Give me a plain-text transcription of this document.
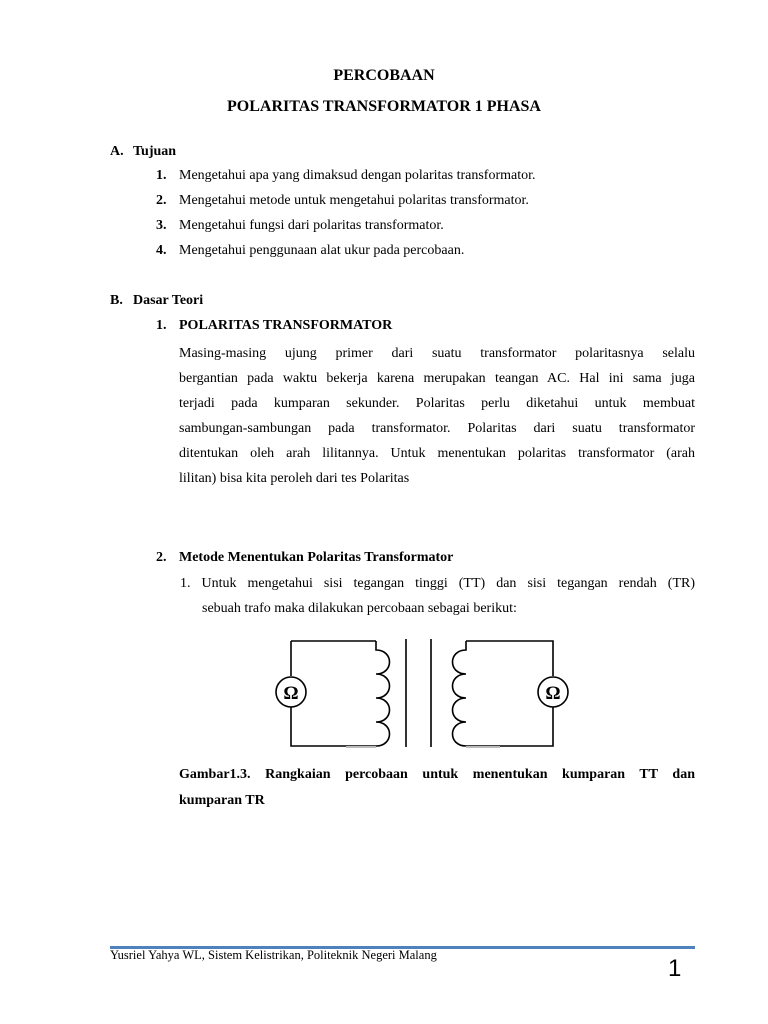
PERCOBAAN
POLARITAS TRANSFORMATOR 1 PHASA
A. Tujuan
1. Mengetahui apa yang dimaksud dengan polaritas transformator.
2. Mengetahui metode untuk mengetahui polaritas transformator.
3. Mengetahui fungsi dari polaritas transformator.
4. Mengetahui penggunaan alat ukur pada percobaan.
B. Dasar Teori
1. POLARITAS TRANSFORMATOR
Masing-masing ujung primer dari suatu transformator polaritasnya selalu
bergantian pada waktu bekerja karena merupakan teangan AC. Hal ini sama juga
terjadi pada kumparan sekunder. Polaritas perlu diketahui untuk membuat
sambungan-sambungan pada transformator. Polaritas dari suatu transformator
ditentukan oleh arah lilitannya. Untuk menentukan polaritas transformator (arah
lilitan) bisa kita peroleh dari tes Polaritas
2. Metode Menentukan Polaritas Transformator
1. Untuk mengetahui sisi tegangan tinggi (TT) dan sisi tegangan rendah (TR)
sebuah trafo maka dilakukan percobaan sebagai berikut:
Ω	Ω
Gambar1.3. Rangkaian percobaan untuk menentukan kumparan TT dan
kumparan TR
Yusriel Yahya WL, Sistem Kelistrikan, Politeknik Negeri Malang	1
